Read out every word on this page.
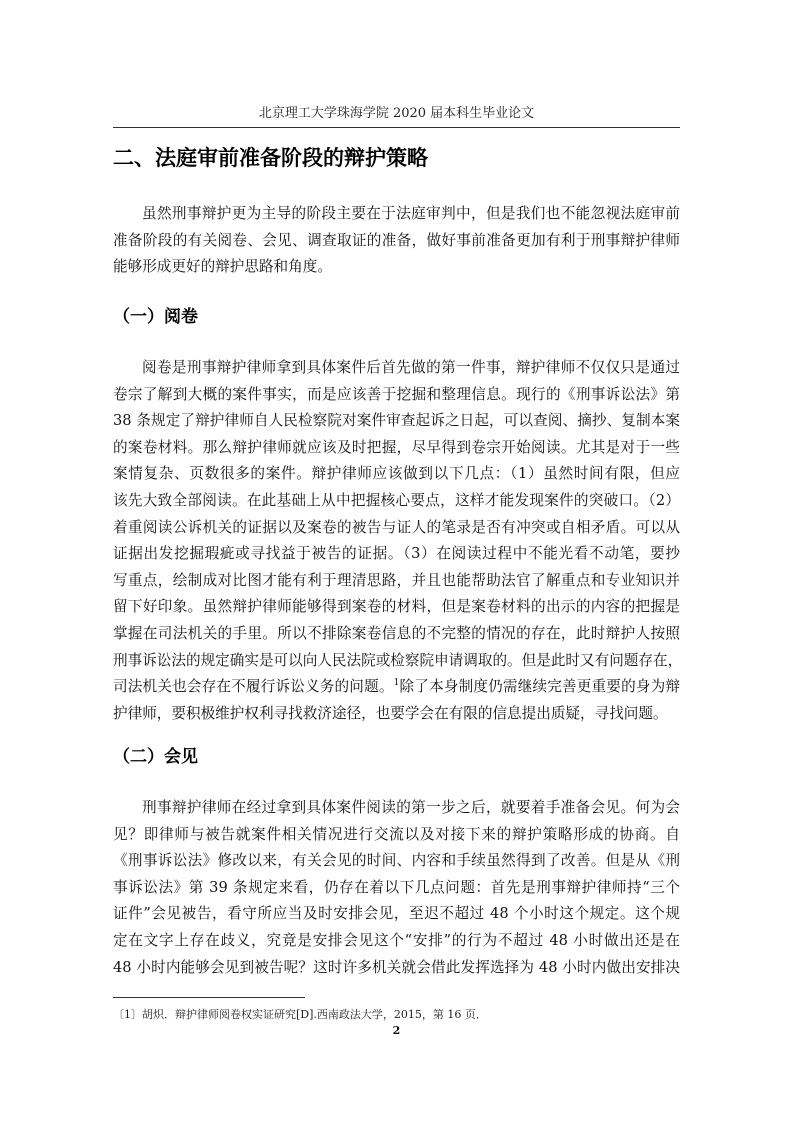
北京理工大学珠海学院 2020 届本科生毕业论文
二、法庭审前准备阶段的辩护策略
虽然刑事辩护更为主导的阶段主要在于法庭审判中，但是我们也不能忽视法庭审前
准备阶段的有关阅卷、会见、调查取证的准备，做好事前准备更加有利于刑事辩护律师
能够形成更好的辩护思路和角度。
（一）阅卷
阅卷是刑事辩护律师拿到具体案件后首先做的第一件事，辩护律师不仅仅只是通过
卷宗了解到大概的案件事实，而是应该善于挖掘和整理信息。现行的《刑事诉讼法》第
38 条规定了辩护律师自人民检察院对案件审查起诉之日起，可以查阅、摘抄、复制本案
的案卷材料。那么辩护律师就应该及时把握，尽早得到卷宗开始阅读。尤其是对于一些
案情复杂、页数很多的案件。辩护律师应该做到以下几点：（1）虽然时间有限，但应
该先大致全部阅读。在此基础上从中把握核心要点，这样才能发现案件的突破口。（2）
着重阅读公诉机关的证据以及案卷的被告与证人的笔录是否有冲突或自相矛盾。可以从
证据出发挖掘瑕疵或寻找益于被告的证据。（3）在阅读过程中不能光看不动笔，要抄
写重点，绘制成对比图才能有利于理清思路，并且也能帮助法官了解重点和专业知识并
留下好印象。虽然辩护律师能够得到案卷的材料，但是案卷材料的出示的内容的把握是
掌握在司法机关的手里。所以不排除案卷信息的不完整的情况的存在，此时辩护人按照
刑事诉讼法的规定确实是可以向人民法院或检察院申请调取的。但是此时又有问题存在，
司法机关也会存在不履行诉讼义务的问题。$^1$除了本身制度仍需继续完善更重要的身为辩
护律师，要积极维护权利寻找救济途径，也要学会在有限的信息提出质疑，寻找问题。
（二）会见
刑事辩护律师在经过拿到具体案件阅读的第一步之后，就要着手准备会见。何为会
见？即律师与被告就案件相关情况进行交流以及对接下来的辩护策略形成的协商。自
《刑事诉讼法》修改以来，有关会见的时间、内容和手续虽然得到了改善。但是从《刑
事诉讼法》第 39 条规定来看，仍存在着以下几点问题：首先是刑事辩护律师持“三个
证件”会见被告，看守所应当及时安排会见，至迟不超过 48 个小时这个规定。这个规
定在文字上存在歧义，究竟是安排会见这个“安排”的行为不超过 48 小时做出还是在
48 小时内能够会见到被告呢？这时许多机关就会借此发挥选择为 48 小时内做出安排决
〔1〕胡炽．辩护律师阅卷权实证研究[D].西南政法大学，2015，第 16 页．
2
